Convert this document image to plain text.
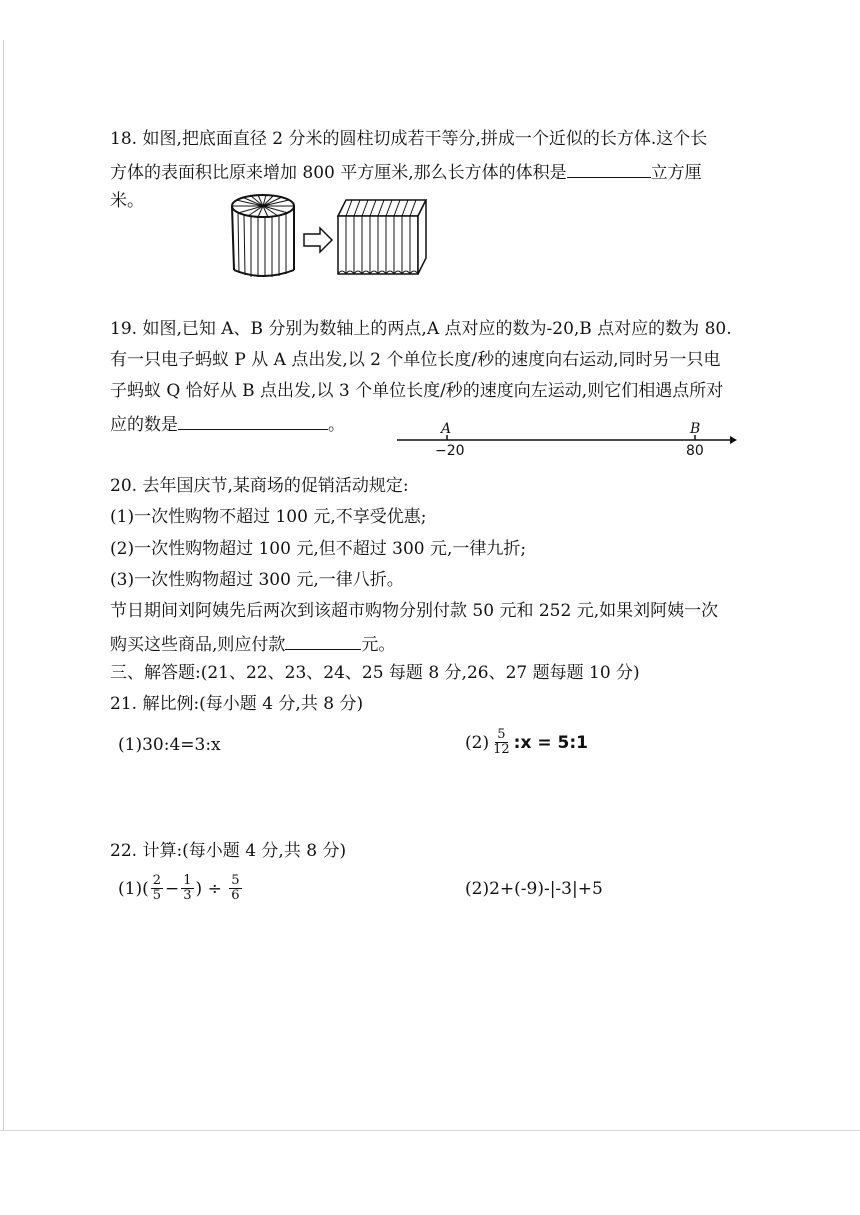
18. 如图,把底面直径 2 分米的圆柱切成若干等分,拼成一个近似的长方体.这个长
方体的表面积比原来增加 800 平方厘米,那么长方体的体积是	立方厘
米。
19. 如图,已知 A、B 分别为数轴上的两点,A 点对应的数为-20,B 点对应的数为 80.
有一只电子蚂蚁 P 从 A 点出发,以 2 个单位长度/秒的速度向右运动,同时另一只电
子蚂蚁 Q 恰好从 B 点出发,以 3 个单位长度/秒的速度向左运动,则它们相遇点所对
应的数是	。	A	B
−20	80
20. 去年国庆节,某商场的促销活动规定:
(1)一次性购物不超过 100 元,不享受优惠;
(2)一次性购物超过 100 元,但不超过 300 元,一律九折;
(3)一次性购物超过 300 元,一律八折。
节日期间刘阿姨先后两次到该超市购物分别付款 50 元和 252 元,如果刘阿姨一次
购买这些商品,则应付款	元。
三、解答题:(21、22、23、24、25 每题 8 分,26、27 题每题 10 分)
21. 解比例:(每小题 4 分,共 8 分)
(1)30:4=3:x	$(2) \frac{5}{12}$ :x = 5:1
22. 计算:(每小题 4 分,共 8 分)
$(1)( \frac{2}{5} - \frac{1}{3}$ ) ÷ $\frac{5}{6}$	(2)2+(-9)-|-3|+5
